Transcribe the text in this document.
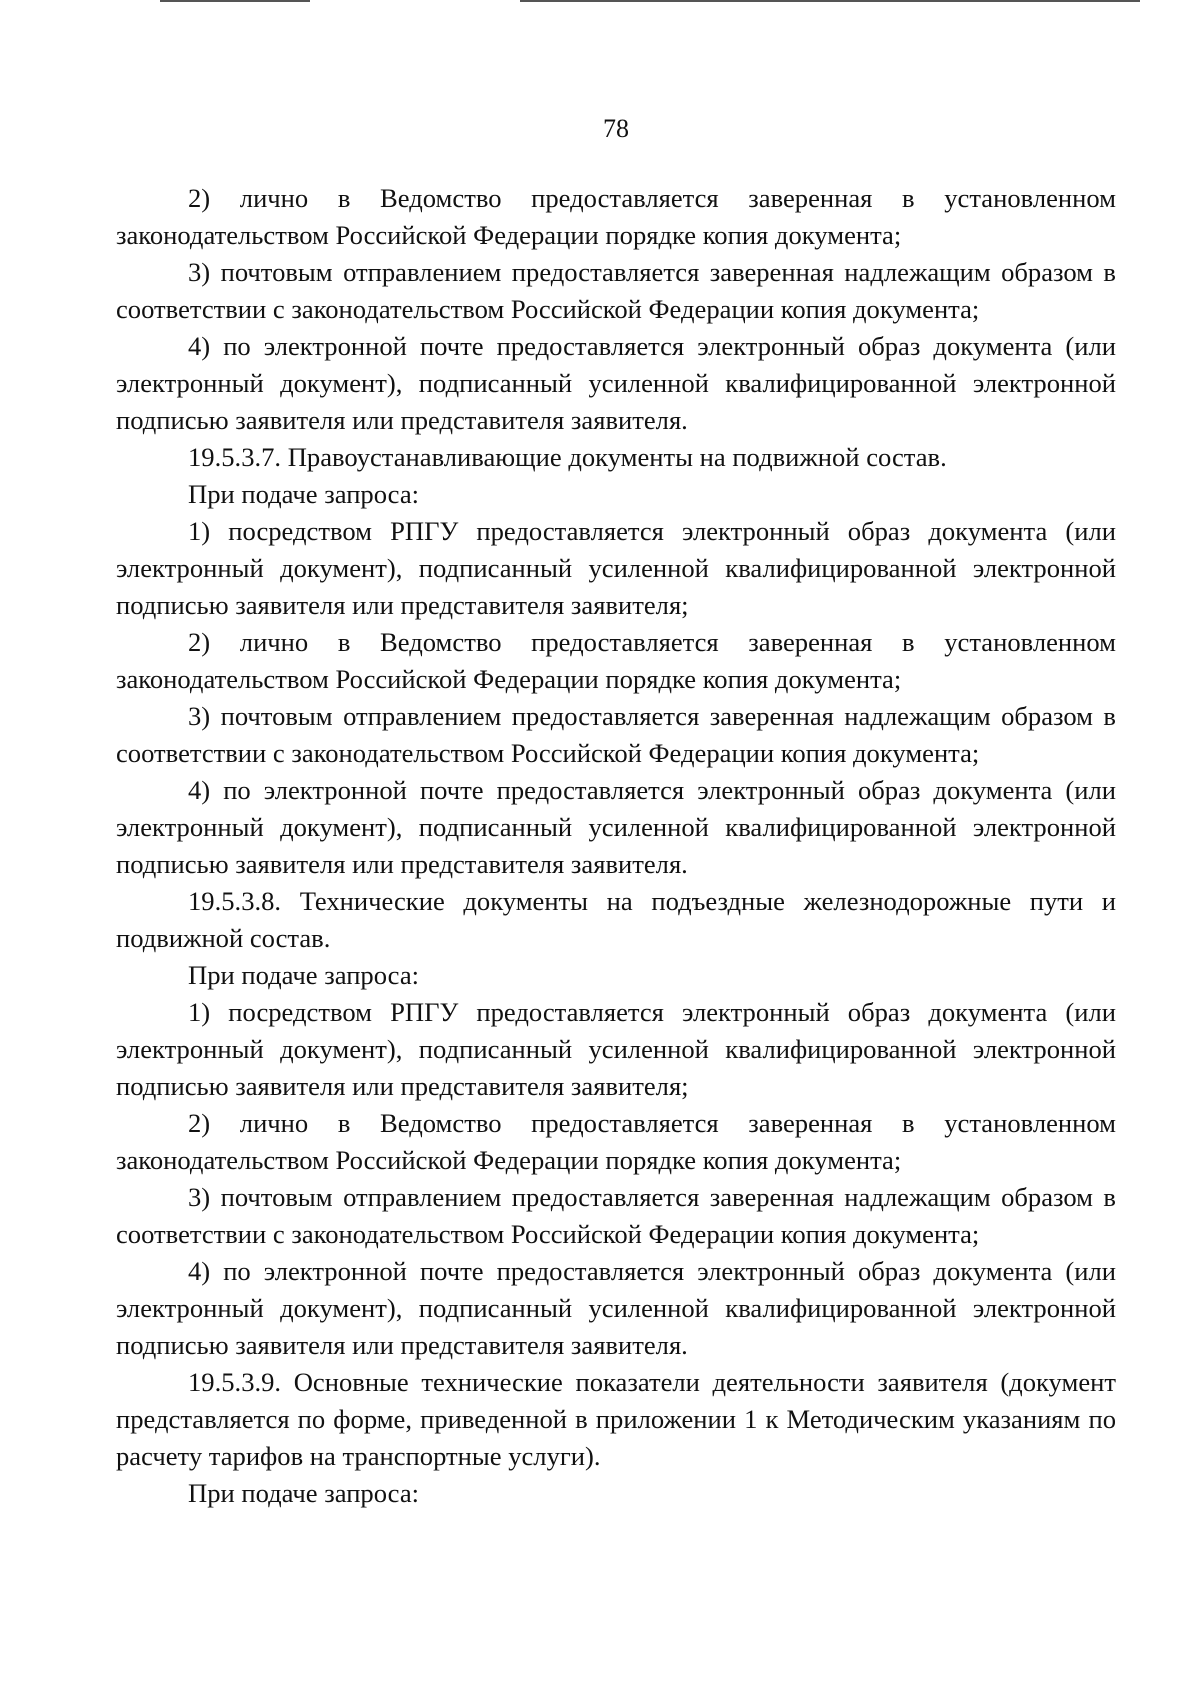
78

2) лично в Ведомство предоставляется заверенная в установленном законодательством Российской Федерации порядке копия документа;

3) почтовым отправлением предоставляется заверенная надлежащим образом в соответствии с законодательством Российской Федерации копия документа;

4) по электронной почте предоставляется электронный образ документа (или электронный документ), подписанный усиленной квалифицированной электронной подписью заявителя или представителя заявителя.

19.5.3.7. Правоустанавливающие документы на подвижной состав.

При подаче запроса:

1) посредством РПГУ предоставляется электронный образ документа (или электронный документ), подписанный усиленной квалифицированной электронной подписью заявителя или представителя заявителя;

2) лично в Ведомство предоставляется заверенная в установленном законодательством Российской Федерации порядке копия документа;

3) почтовым отправлением предоставляется заверенная надлежащим образом в соответствии с законодательством Российской Федерации копия документа;

4) по электронной почте предоставляется электронный образ документа (или электронный документ), подписанный усиленной квалифицированной электронной подписью заявителя или представителя заявителя.

19.5.3.8. Технические документы на подъездные железнодорожные пути и подвижной состав.

При подаче запроса:

1) посредством РПГУ предоставляется электронный образ документа (или электронный документ), подписанный усиленной квалифицированной электронной подписью заявителя или представителя заявителя;

2) лично в Ведомство предоставляется заверенная в установленном законодательством Российской Федерации порядке копия документа;

3) почтовым отправлением предоставляется заверенная надлежащим образом в соответствии с законодательством Российской Федерации копия документа;

4) по электронной почте предоставляется электронный образ документа (или электронный документ), подписанный усиленной квалифицированной электронной подписью заявителя или представителя заявителя.

19.5.3.9. Основные технические показатели деятельности заявителя (документ представляется по форме, приведенной в приложении 1 к Методическим указаниям по расчету тарифов на транспортные услуги).

При подаче запроса:
